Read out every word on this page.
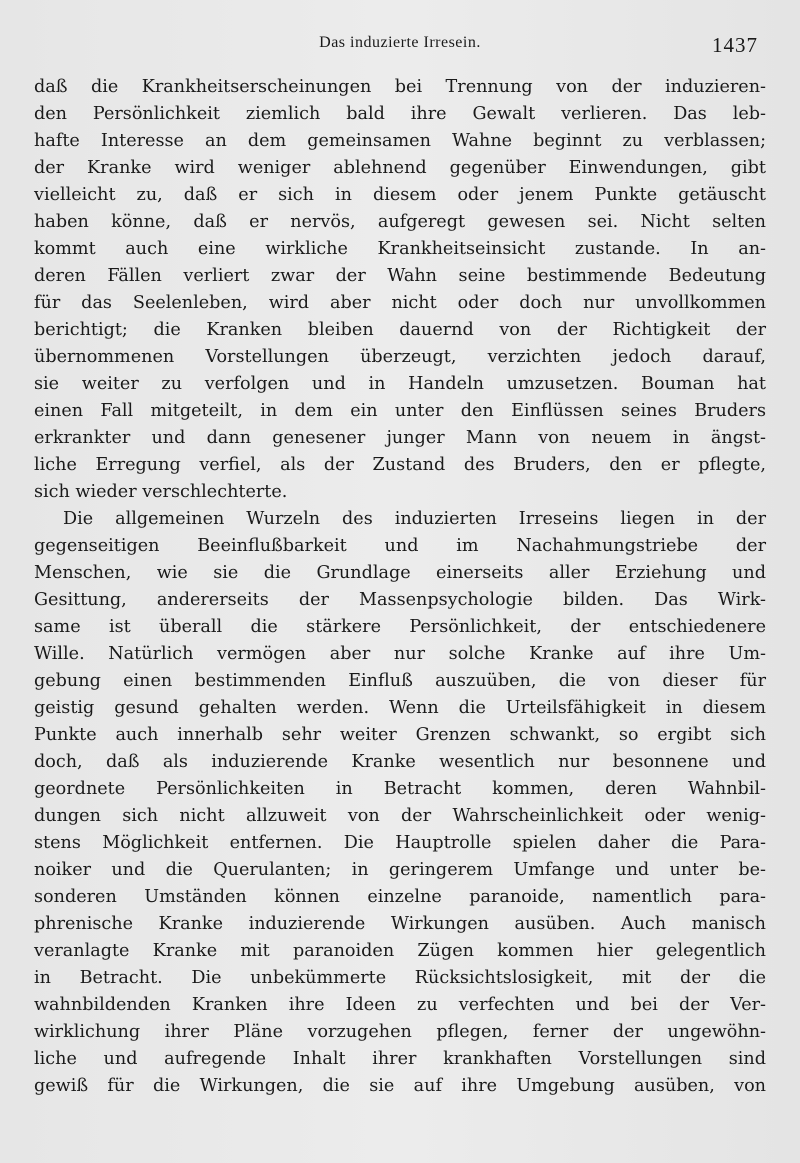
Das induzierte Irresein.	1437
daß die Krankheitserscheinungen bei Trennung von der induzieren-
den Persönlichkeit ziemlich bald ihre Gewalt verlieren. Das leb-
hafte Interesse an dem gemeinsamen Wahne beginnt zu verblassen;
der Kranke wird weniger ablehnend gegenüber Einwendungen, gibt
vielleicht zu, daß er sich in diesem oder jenem Punkte getäuscht
haben könne, daß er nervös, aufgeregt gewesen sei. Nicht selten
kommt auch eine wirkliche Krankheitseinsicht zustande. In an-
deren Fällen verliert zwar der Wahn seine bestimmende Bedeutung
für das Seelenleben, wird aber nicht oder doch nur unvollkommen
berichtigt; die Kranken bleiben dauernd von der Richtigkeit der
übernommenen Vorstellungen überzeugt, verzichten jedoch darauf,
sie weiter zu verfolgen und in Handeln umzusetzen. Bouman hat
einen Fall mitgeteilt, in dem ein unter den Einflüssen seines Bruders
erkrankter und dann genesener junger Mann von neuem in ängst-
liche Erregung verfiel, als der Zustand des Bruders, den er pflegte,
sich wieder verschlechterte.
Die allgemeinen Wurzeln des induzierten Irreseins liegen in der
gegenseitigen Beeinflußbarkeit und im Nachahmungstriebe der
Menschen, wie sie die Grundlage einerseits aller Erziehung und
Gesittung, andererseits der Massenpsychologie bilden. Das Wirk-
same ist überall die stärkere Persönlichkeit, der entschiedenere
Wille. Natürlich vermögen aber nur solche Kranke auf ihre Um-
gebung einen bestimmenden Einfluß auszuüben, die von dieser für
geistig gesund gehalten werden. Wenn die Urteilsfähigkeit in diesem
Punkte auch innerhalb sehr weiter Grenzen schwankt, so ergibt sich
doch, daß als induzierende Kranke wesentlich nur besonnene und
geordnete Persönlichkeiten in Betracht kommen, deren Wahnbil-
dungen sich nicht allzuweit von der Wahrscheinlichkeit oder wenig-
stens Möglichkeit entfernen. Die Hauptrolle spielen daher die Para-
noiker und die Querulanten; in geringerem Umfange und unter be-
sonderen Umständen können einzelne paranoide, namentlich para-
phrenische Kranke induzierende Wirkungen ausüben. Auch manisch
veranlagte Kranke mit paranoiden Zügen kommen hier gelegentlich
in Betracht. Die unbekümmerte Rücksichtslosigkeit, mit der die
wahnbildenden Kranken ihre Ideen zu verfechten und bei der Ver-
wirklichung ihrer Pläne vorzugehen pflegen, ferner der ungewöhn-
liche und aufregende Inhalt ihrer krankhaften Vorstellungen sind
gewiß für die Wirkungen, die sie auf ihre Umgebung ausüben, von
